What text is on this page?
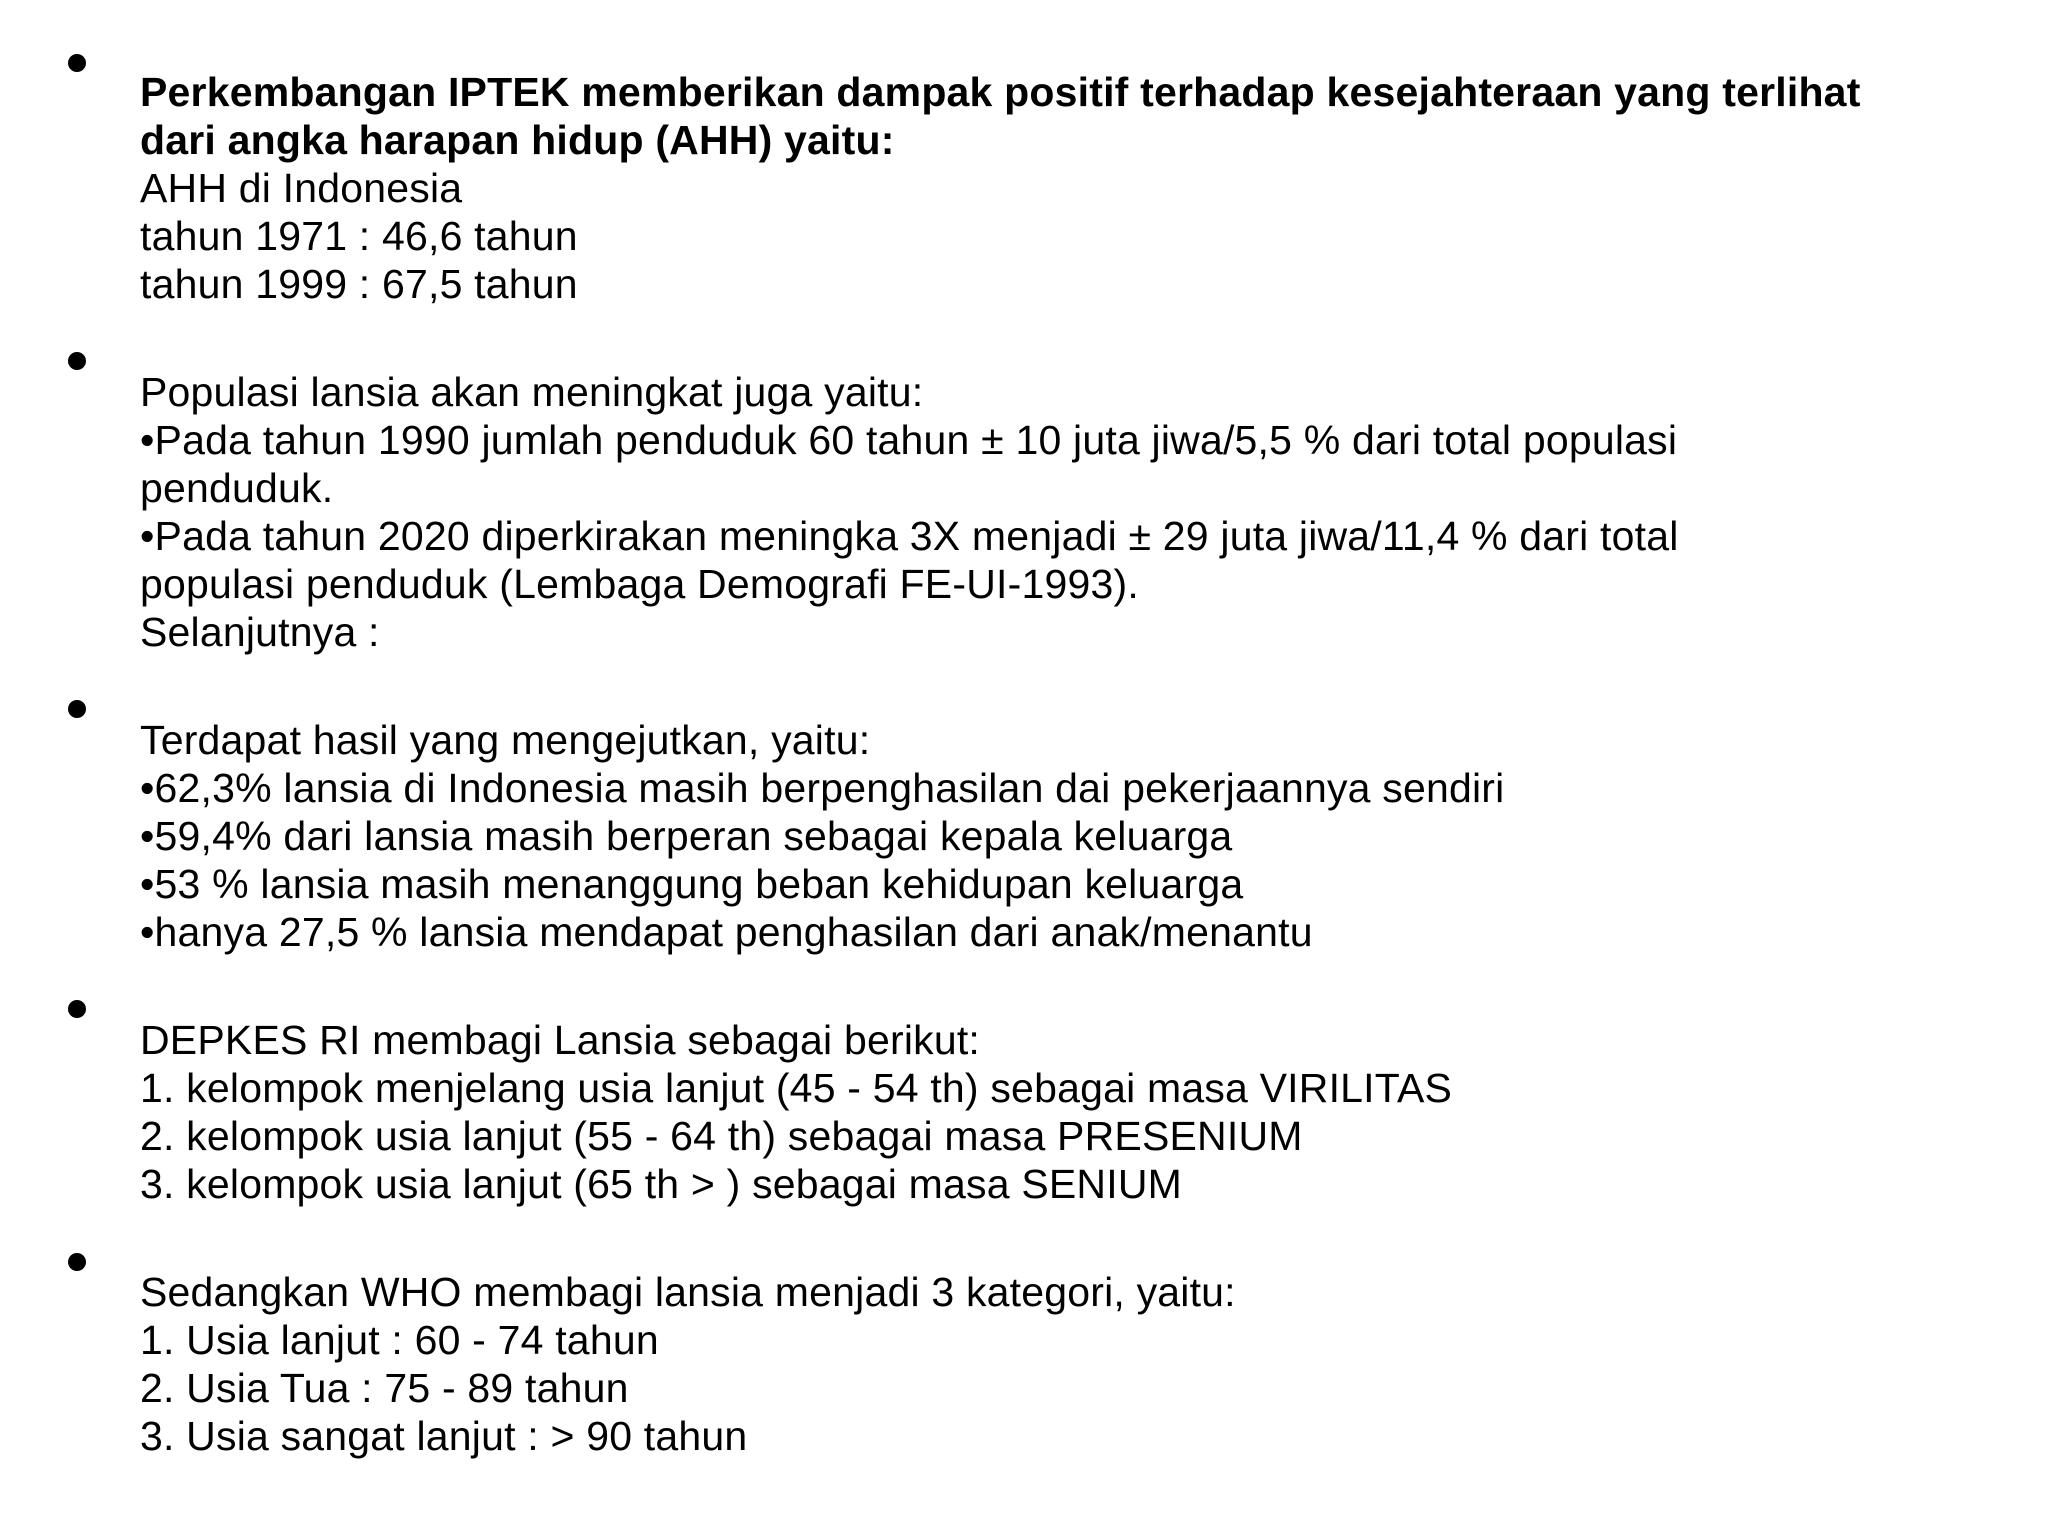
Perkembangan IPTEK memberikan dampak positif terhadap kesejahteraan yang terlihat
dari angka harapan hidup (AHH) yaitu:
AHH di Indonesia
tahun 1971 : 46,6 tahun
tahun 1999 : 67,5 tahun
Populasi lansia akan meningkat juga yaitu:
•Pada tahun 1990 jumlah penduduk 60 tahun ± 10 juta jiwa/5,5 % dari total populasi
penduduk.
•Pada tahun 2020 diperkirakan meningka 3X menjadi ± 29 juta jiwa/11,4 % dari total
populasi penduduk (Lembaga Demografi FE-UI-1993).
Selanjutnya :
Terdapat hasil yang mengejutkan, yaitu:
•62,3% lansia di Indonesia masih berpenghasilan dai pekerjaannya sendiri
•59,4% dari lansia masih berperan sebagai kepala keluarga
•53 % lansia masih menanggung beban kehidupan keluarga
•hanya 27,5 % lansia mendapat penghasilan dari anak/menantu
DEPKES RI membagi Lansia sebagai berikut:
1. kelompok menjelang usia lanjut (45 - 54 th) sebagai masa VIRILITAS
2. kelompok usia lanjut (55 - 64 th) sebagai masa PRESENIUM
3. kelompok usia lanjut (65 th > ) sebagai masa SENIUM
Sedangkan WHO membagi lansia menjadi 3 kategori, yaitu:
1. Usia lanjut : 60 - 74 tahun
2. Usia Tua : 75 - 89 tahun
3. Usia sangat lanjut : > 90 tahun
